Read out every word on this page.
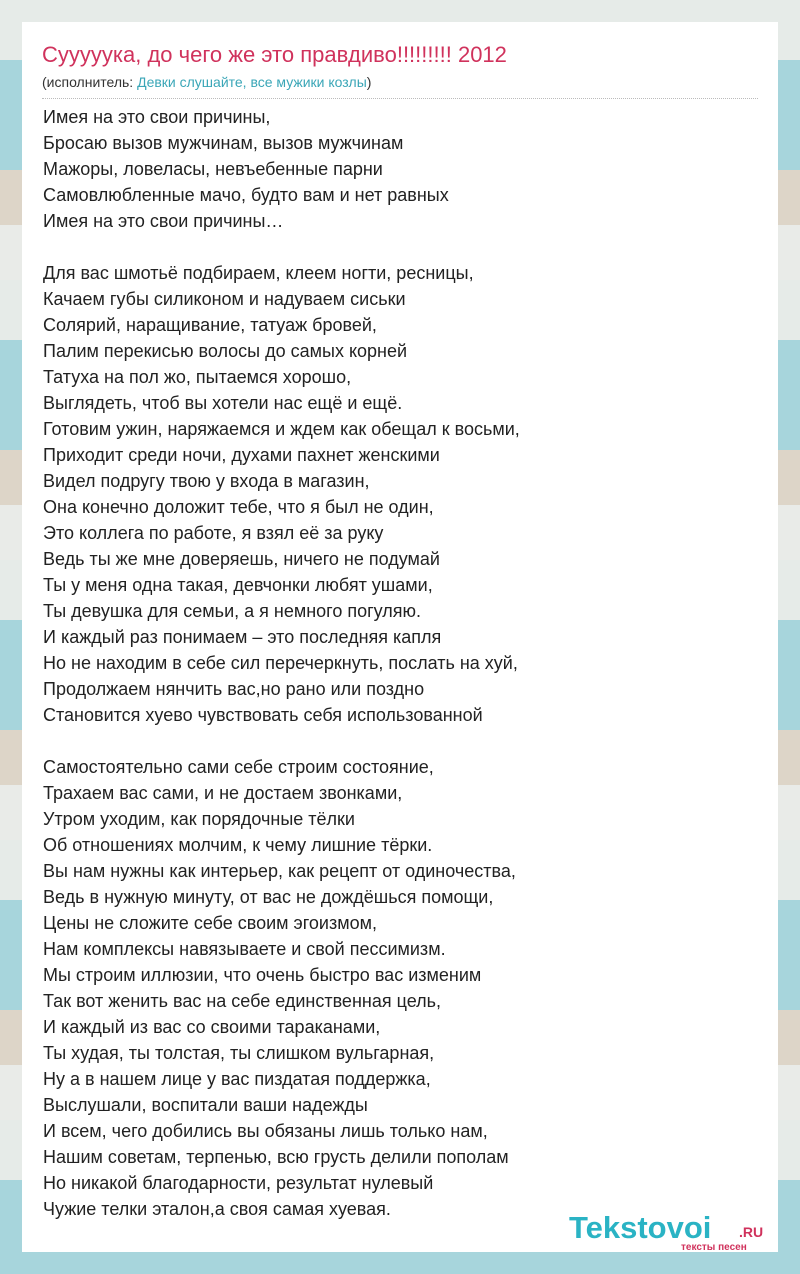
Сууууука, до чего же это правдиво!!!!!!!!! 2012
(исполнитель: Девки слушайте, все мужики козлы)
Имея на это свои причины,
Бросаю вызов мужчинам, вызов мужчинам
Мажоры, ловеласы, невъебенные парни
Самовлюбленные мачо, будто вам и нет равных
Имея на это свои причины…
Для вас шмотьё подбираем, клеем ногти, ресницы,
Качаем губы силиконом и надуваем сиськи
Солярий, наращивание, татуаж бровей,
Палим перекисью волосы до самых корней
Татуха на пол жо, пытаемся хорошо,
Выглядеть, чтоб вы хотели нас ещё и ещё.
Готовим ужин, наряжаемся и ждем как обещал к восьми,
Приходит среди ночи, духами пахнет женскими
Видел подругу твою у входа в магазин,
Она конечно доложит тебе, что я был не один,
Это коллега по работе, я взял её за руку
Ведь ты же мне доверяешь, ничего не подумай
Ты у меня одна такая, девчонки любят ушами,
Ты девушка для семьи, а я немного погуляю.
И каждый раз понимаем – это последняя капля
Но не находим в себе сил перечеркнуть, послать на хуй,
Продолжаем нянчить вас,но рано или поздно
Становится хуево чувствовать себя использованной
Самостоятельно сами себе строим состояние,
Трахаем вас сами, и не достаем звонками,
Утром уходим, как порядочные тёлки
Об отношениях молчим, к чему лишние тёрки.
Вы нам нужны как интерьер, как рецепт от одиночества,
Ведь в нужную минуту, от вас не дождёшься помощи,
Цены не сложите себе своим эгоизмом,
Нам комплексы навязываете и свой пессимизм.
Мы строим иллюзии, что очень быстро вас изменим
Так вот женить вас на себе единственная цель,
И каждый из вас со своими тараканами,
Ты худая, ты толстая, ты слишком вульгарная,
Ну а в нашем лице у вас пиздатая поддержка,
Выслушали, воспитали ваши надежды
И всем, чего добились вы обязаны лишь только нам,
Нашим советам, терпенью, всю грусть делили пополам
Но никакой благодарности, результат нулевый
Чужие телки эталон,а своя самая хуевая.
Tekstovoi .RU
тексты песен
